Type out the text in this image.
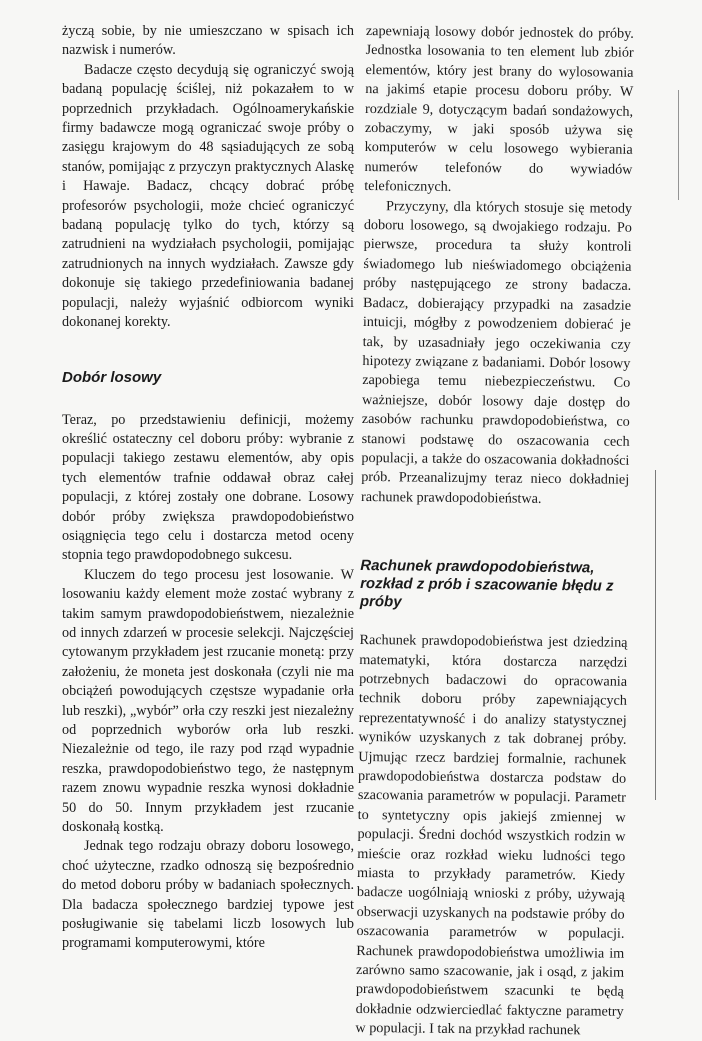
życzą sobie, by nie umieszczano w spisach ich nazwisk i numerów.

Badacze często decydują się ograniczyć swoją badaną populację ściślej, niż pokazałem to w poprzednich przykładach. Ogólnoamerykańskie firmy badawcze mogą ograniczać swoje próby o zasięgu krajowym do 48 sąsiadujących ze sobą stanów, pomijając z przyczyn praktycznych Alaskę i Hawaje. Badacz, chcący dobrać próbę profesorów psychologii, może chcieć ograniczyć badaną populację tylko do tych, którzy są zatrudnieni na wydziałach psychologii, pomijając zatrudnionych na innych wydziałach. Zawsze gdy dokonuje się takiego przedefiniowania badanej populacji, należy wyjaśnić odbiorcom wyniki dokonanej korekty.

Dobór losowy

Teraz, po przedstawieniu definicji, możemy określić ostateczny cel doboru próby: wybranie z populacji takiego zestawu elementów, aby opis tych elementów trafnie oddawał obraz całej populacji, z której zostały one dobrane. Losowy dobór próby zwiększa prawdopodobieństwo osiągnięcia tego celu i dostarcza metod oceny stopnia tego prawdopodobnego sukcesu.

Kluczem do tego procesu jest losowanie. W losowaniu każdy element może zostać wybrany z takim samym prawdopodobieństwem, niezależnie od innych zdarzeń w procesie selekcji. Najczęściej cytowanym przykładem jest rzucanie monetą: przy założeniu, że moneta jest doskonała (czyli nie ma obciążeń powodujących częstsze wypadanie orła lub reszki), „wybór” orła czy reszki jest niezależny od poprzednich wyborów orła lub reszki. Niezależnie od tego, ile razy pod rząd wypadnie reszka, prawdopodobieństwo tego, że następnym razem znowu wypadnie reszka wynosi dokładnie 50 do 50. Innym przykładem jest rzucanie doskonałą kostką.

Jednak tego rodzaju obrazy doboru losowego, choć użyteczne, rzadko odnoszą się bezpośrednio do metod doboru próby w badaniach społecznych. Dla badacza społecznego bardziej typowe jest posługiwanie się tabelami liczb losowych lub programami komputerowymi, które

zapewniają losowy dobór jednostek do próby. Jednostka losowania to ten element lub zbiór elementów, który jest brany do wylosowania na jakimś etapie procesu doboru próby. W rozdziale 9, dotyczącym badań sondażowych, zobaczymy, w jaki sposób używa się komputerów w celu losowego wybierania numerów telefonów do wywiadów telefonicznych.

Przyczyny, dla których stosuje się metody doboru losowego, są dwojakiego rodzaju. Po pierwsze, procedura ta służy kontroli świadomego lub nieświadomego obciążenia próby następującego ze strony badacza. Badacz, dobierający przypadki na zasadzie intuicji, mógłby z powodzeniem dobierać je tak, by uzasadniały jego oczekiwania czy hipotezy związane z badaniami. Dobór losowy zapobiega temu niebezpieczeństwu. Co ważniejsze, dobór losowy daje dostęp do zasobów rachunku prawdopodobieństwa, co stanowi podstawę do oszacowania cech populacji, a także do oszacowania dokładności prób. Przeanalizujmy teraz nieco dokładniej rachunek prawdopodobieństwa.

Rachunek prawdopodobieństwa, rozkład z prób i szacowanie błędu z próby

Rachunek prawdopodobieństwa jest dziedziną matematyki, która dostarcza narzędzi potrzebnych badaczowi do opracowania technik doboru próby zapewniających reprezentatywność i do analizy statystycznej wyników uzyskanych z tak dobranej próby. Ujmując rzecz bardziej formalnie, rachunek prawdopodobieństwa dostarcza podstaw do szacowania parametrów w populacji. Parametr to syntetyczny opis jakiejś zmiennej w populacji. Średni dochód wszystkich rodzin w mieście oraz rozkład wieku ludności tego miasta to przykłady parametrów. Kiedy badacze uogólniają wnioski z próby, używają obserwacji uzyskanych na podstawie próby do oszacowania parametrów w populacji. Rachunek prawdopodobieństwa umożliwia im zarówno samo szacowanie, jak i osąd, z jakim prawdopodobieństwem szacunki te będą dokładnie odzwierciedlać faktyczne parametry w populacji. I tak na przykład rachunek
